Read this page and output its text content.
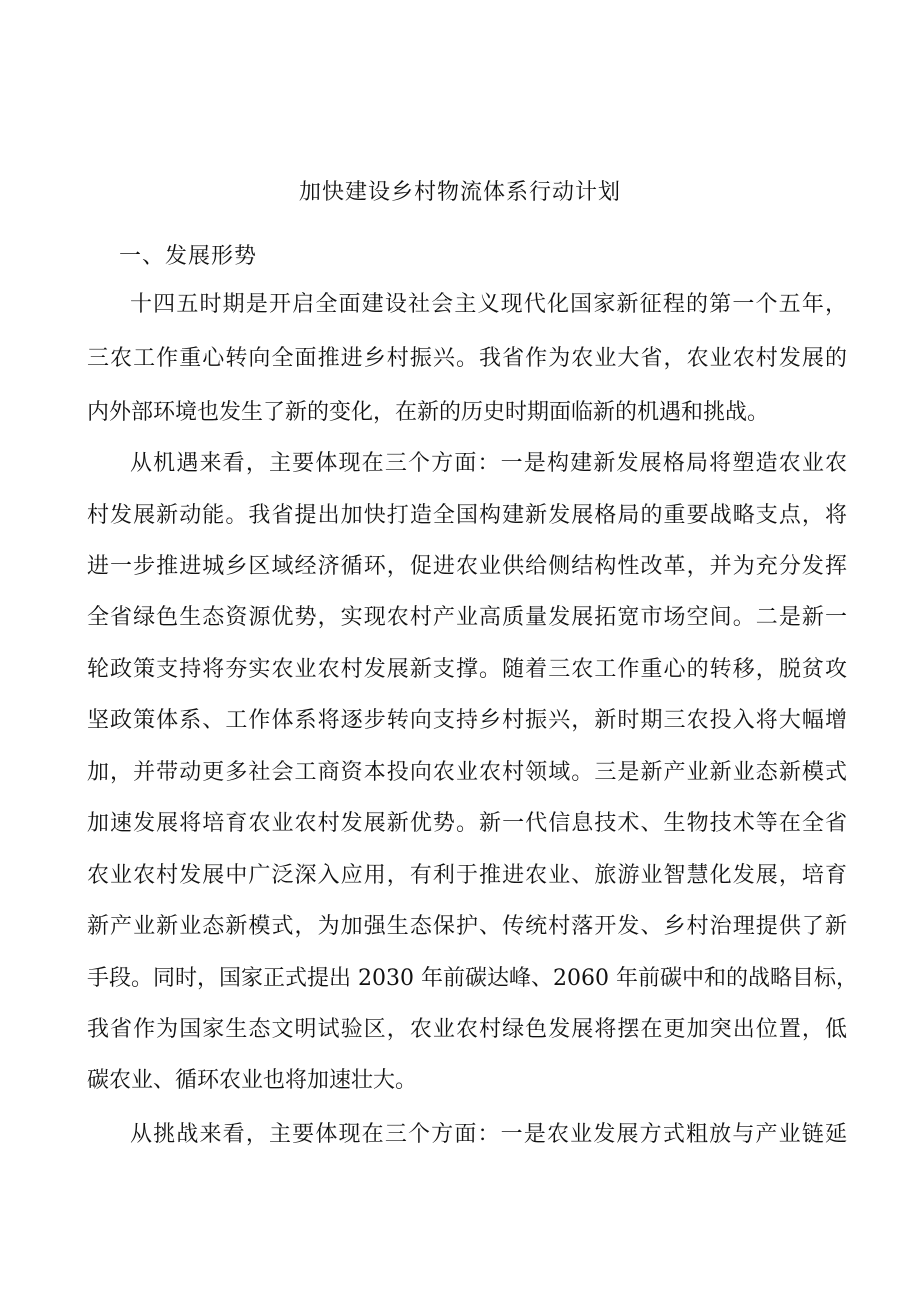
加快建设乡村物流体系行动计划
一、发展形势
十四五时期是开启全面建设社会主义现代化国家新征程的第一个五年，
三农工作重心转向全面推进乡村振兴。我省作为农业大省，农业农村发展的
内外部环境也发生了新的变化，在新的历史时期面临新的机遇和挑战。
从机遇来看，主要体现在三个方面：一是构建新发展格局将塑造农业农
村发展新动能。我省提出加快打造全国构建新发展格局的重要战略支点，将
进一步推进城乡区域经济循环，促进农业供给侧结构性改革，并为充分发挥
全省绿色生态资源优势，实现农村产业高质量发展拓宽市场空间。二是新一
轮政策支持将夯实农业农村发展新支撑。随着三农工作重心的转移，脱贫攻
坚政策体系、工作体系将逐步转向支持乡村振兴，新时期三农投入将大幅增
加，并带动更多社会工商资本投向农业农村领域。三是新产业新业态新模式
加速发展将培育农业农村发展新优势。新一代信息技术、生物技术等在全省
农业农村发展中广泛深入应用，有利于推进农业、旅游业智慧化发展，培育
新产业新业态新模式，为加强生态保护、传统村落开发、乡村治理提供了新
手段。同时，国家正式提出 2030 年前碳达峰、2060 年前碳中和的战略目标，
我省作为国家生态文明试验区，农业农村绿色发展将摆在更加突出位置，低
碳农业、循环农业也将加速壮大。
从挑战来看，主要体现在三个方面：一是农业发展方式粗放与产业链延
